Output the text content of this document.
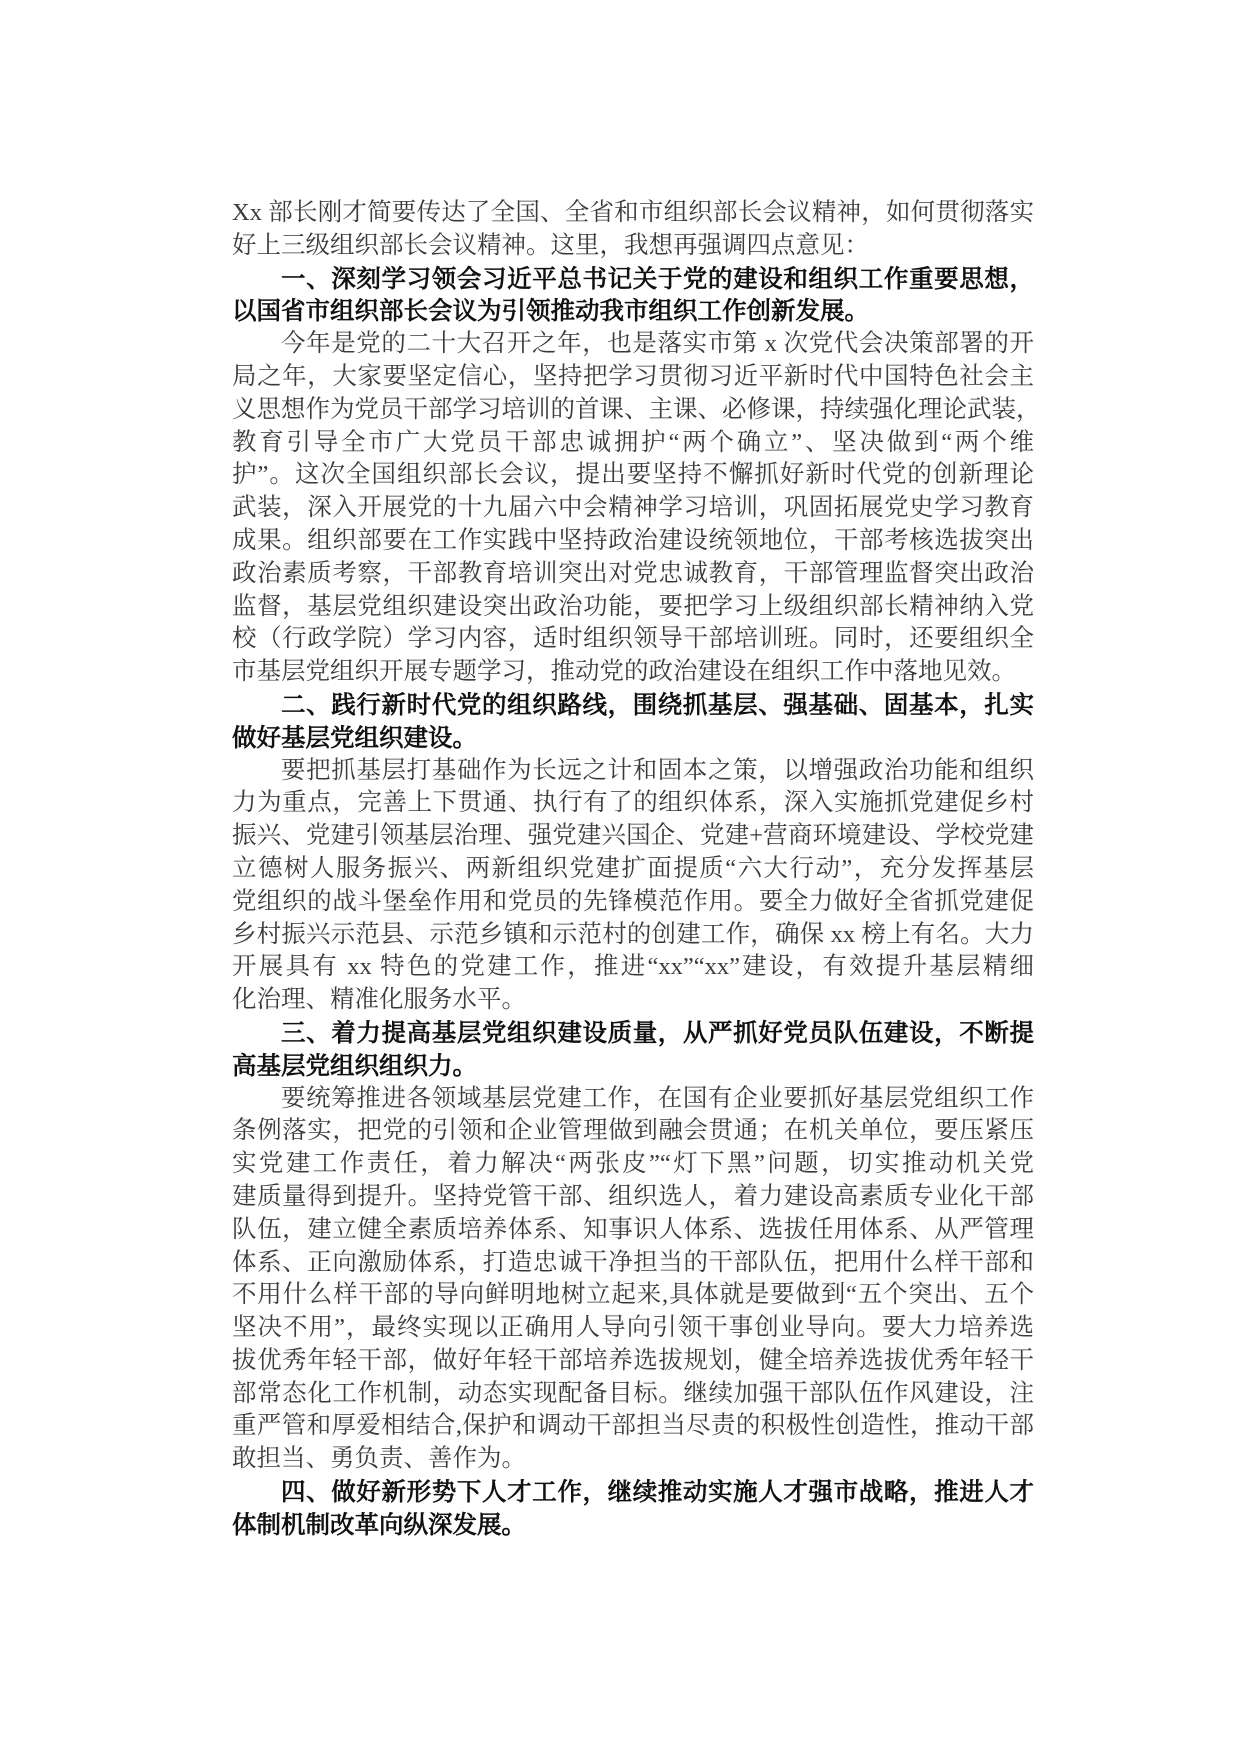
Xx 部长刚才简要传达了全国、全省和市组织部长会议精神，如何贯彻落实
好上三级组织部长会议精神。这里，我想再强调四点意见：
一、深刻学习领会习近平总书记关于党的建设和组织工作重要思想，
以国省市组织部长会议为引领推动我市组织工作创新发展。
今年是党的二十大召开之年，也是落实市第 x 次党代会决策部署的开
局之年，大家要坚定信心，坚持把学习贯彻习近平新时代中国特色社会主
义思想作为党员干部学习培训的首课、主课、必修课，持续强化理论武装，
教育引导全市广大党员干部忠诚拥护“两个确立”、坚决做到“两个维
护”。这次全国组织部长会议，提出要坚持不懈抓好新时代党的创新理论
武装，深入开展党的十九届六中会精神学习培训，巩固拓展党史学习教育
成果。组织部要在工作实践中坚持政治建设统领地位，干部考核选拔突出
政治素质考察，干部教育培训突出对党忠诚教育，干部管理监督突出政治
监督，基层党组织建设突出政治功能，要把学习上级组织部长精神纳入党
校（行政学院）学习内容，适时组织领导干部培训班。同时，还要组织全
市基层党组织开展专题学习，推动党的政治建设在组织工作中落地见效。
二、践行新时代党的组织路线，围绕抓基层、强基础、固基本，扎实
做好基层党组织建设。
要把抓基层打基础作为长远之计和固本之策，以增强政治功能和组织
力为重点，完善上下贯通、执行有了的组织体系，深入实施抓党建促乡村
振兴、党建引领基层治理、强党建兴国企、党建+营商环境建设、学校党建
立德树人服务振兴、两新组织党建扩面提质“六大行动”，充分发挥基层
党组织的战斗堡垒作用和党员的先锋模范作用。要全力做好全省抓党建促
乡村振兴示范县、示范乡镇和示范村的创建工作，确保 xx 榜上有名。大力
开展具有 xx 特色的党建工作，推进“xx”“xx”建设，有效提升基层精细
化治理、精准化服务水平。
三、着力提高基层党组织建设质量，从严抓好党员队伍建设，不断提
高基层党组织组织力。
要统筹推进各领域基层党建工作，在国有企业要抓好基层党组织工作
条例落实，把党的引领和企业管理做到融会贯通；在机关单位，要压紧压
实党建工作责任，着力解决“两张皮”“灯下黑”问题，切实推动机关党
建质量得到提升。坚持党管干部、组织选人，着力建设高素质专业化干部
队伍，建立健全素质培养体系、知事识人体系、选拔任用体系、从严管理
体系、正向激励体系，打造忠诚干净担当的干部队伍，把用什么样干部和
不用什么样干部的导向鲜明地树立起来,具体就是要做到“五个突出、五个
坚决不用”，最终实现以正确用人导向引领干事创业导向。要大力培养选
拔优秀年轻干部，做好年轻干部培养选拔规划，健全培养选拔优秀年轻干
部常态化工作机制，动态实现配备目标。继续加强干部队伍作风建设，注
重严管和厚爱相结合,保护和调动干部担当尽责的积极性创造性，推动干部
敢担当、勇负责、善作为。
四、做好新形势下人才工作，继续推动实施人才强市战略，推进人才
体制机制改革向纵深发展。
